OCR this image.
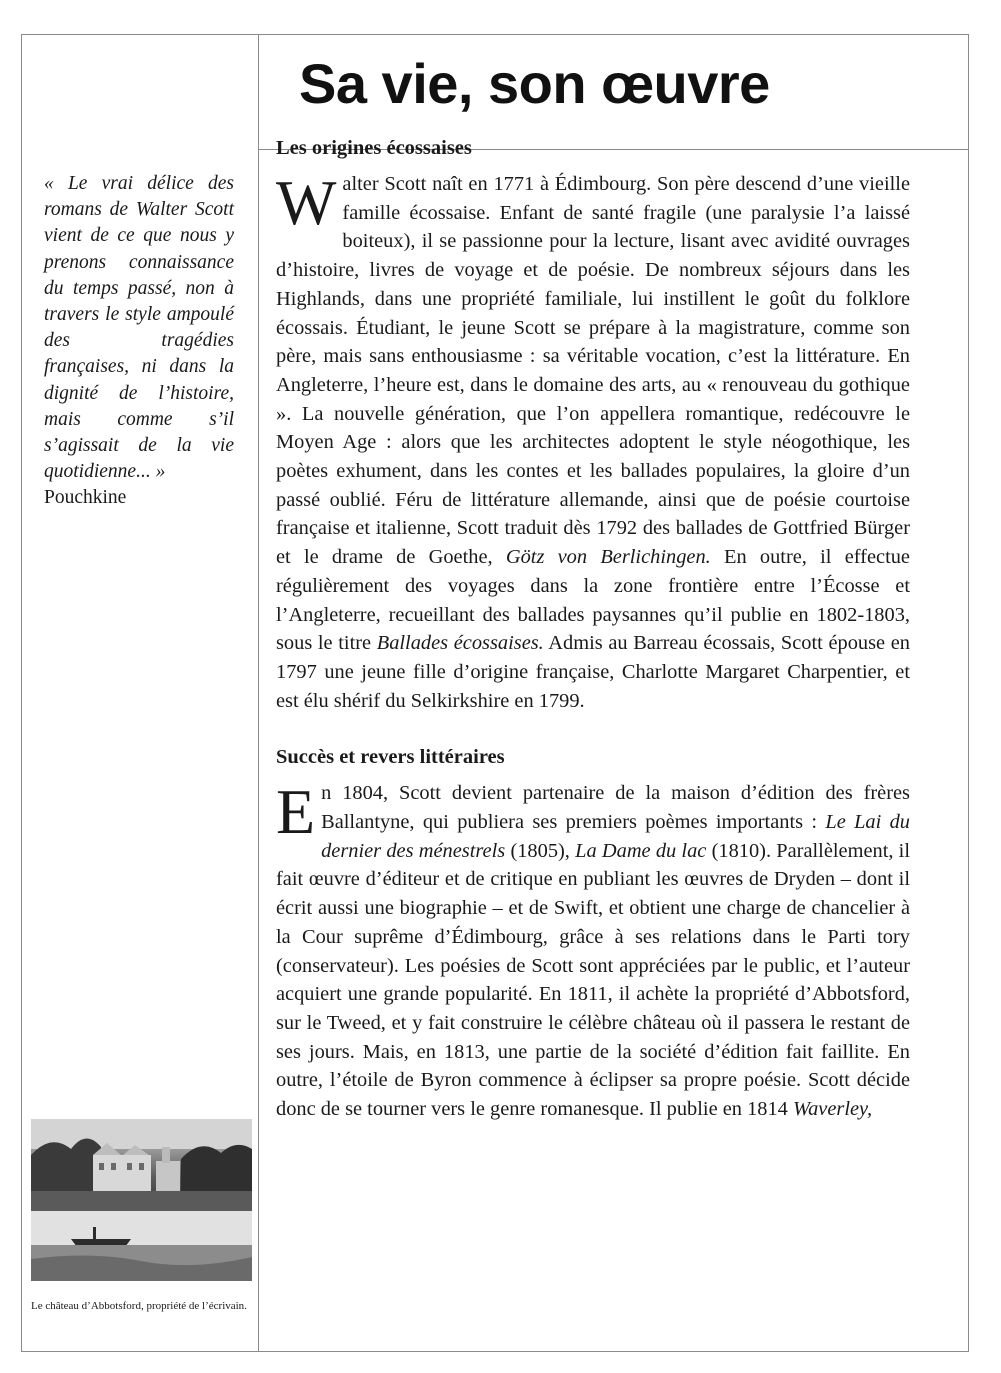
« Le vrai délice des romans de Walter Scott vient de ce que nous y prenons connaissance du temps passé, non à travers le style ampoulé des tragédies françaises, ni dans la dignité de l’histoire, mais comme s’il s’agissait de la vie quotidienne... »
Pouchkine
Le château d’Abbotsford, propriété de l’écrivain.
Sa vie, son œuvre
Les origines écossaises

Walter Scott naît en 1771 à Édimbourg. Son père descend d’une vieille famille écossaise. Enfant de santé fragile (une paralysie l’a laissé boiteux), il se passionne pour la lecture, lisant avec avidité ouvrages d’histoire, livres de voyage et de poésie. De nombreux séjours dans les Highlands, dans une propriété familiale, lui instillent le goût du folklore écossais. Étudiant, le jeune Scott se prépare à la magistrature, comme son père, mais sans enthousiasme : sa véritable vocation, c’est la littérature. En Angleterre, l’heure est, dans le domaine des arts, au « renouveau du gothique ». La nouvelle génération, que l’on appellera romantique, redécouvre le Moyen Age : alors que les architectes adoptent le style néogothique, les poètes exhument, dans les contes et les ballades populaires, la gloire d’un passé oublié. Féru de littérature allemande, ainsi que de poésie courtoise française et italienne, Scott traduit dès 1792 des ballades de Gottfried Bürger et le drame de Goethe, Götz von Berlichingen. En outre, il effectue régulièrement des voyages dans la zone frontière entre l’Écosse et l’Angleterre, recueillant des ballades paysannes qu’il publie en 1802-1803, sous le titre Ballades écossaises. Admis au Barreau écossais, Scott épouse en 1797 une jeune fille d’origine française, Charlotte Margaret Charpentier, et est élu shérif du Selkirkshire en 1799.

Succès et revers littéraires

En 1804, Scott devient partenaire de la maison d’édition des frères Ballantyne, qui publiera ses premiers poèmes importants : Le Lai du dernier des ménestrels (1805), La Dame du lac (1810). Parallèlement, il fait œuvre d’éditeur et de critique en publiant les œuvres de Dryden – dont il écrit aussi une biographie – et de Swift, et obtient une charge de chancelier à la Cour suprême d’Édimbourg, grâce à ses relations dans le Parti tory (conservateur). Les poésies de Scott sont appréciées par le public, et l’auteur acquiert une grande popularité. En 1811, il achète la propriété d’Abbotsford, sur le Tweed, et y fait construire le célèbre château où il passera le restant de ses jours. Mais, en 1813, une partie de la société d’édition fait faillite. En outre, l’étoile de Byron commence à éclipser sa propre poésie. Scott décide donc de se tourner vers le genre romanesque. Il publie en 1814 Waverley,
